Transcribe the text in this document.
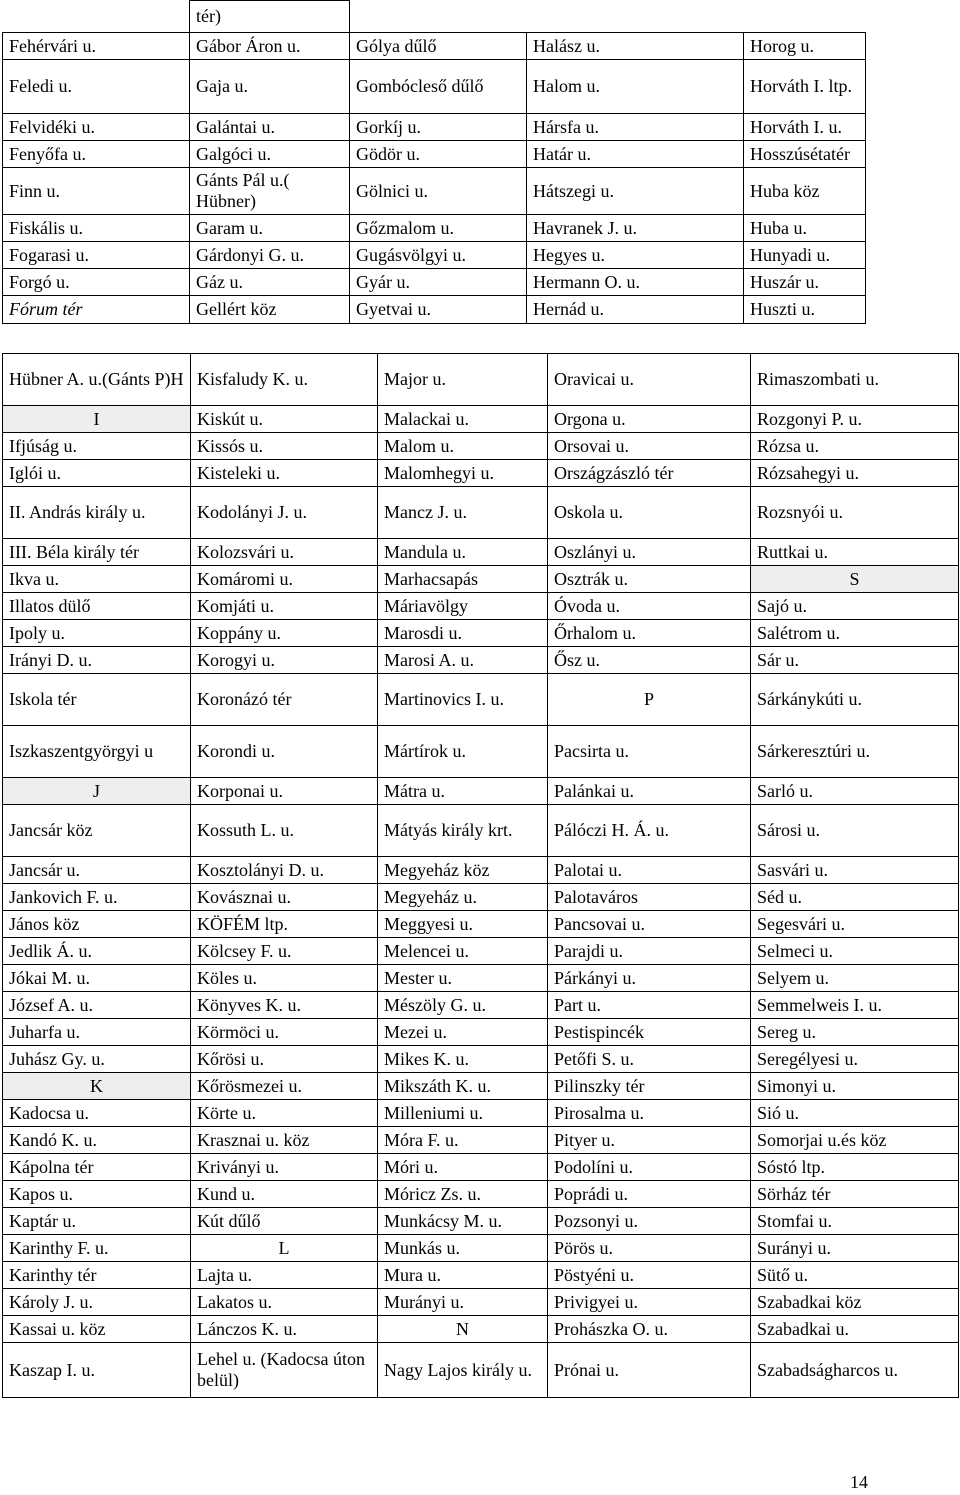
	tér)			
Fehérvári u.	Gábor Áron u.	Gólya dűlő	Halász u.	Horog u.
Feledi u.	Gaja u.	Gombócleső dűlő	Halom u.	Horváth I. ltp.
Felvidéki u.	Galántai u.	Gorkíj u.	Hársfa u.	Horváth I. u.
Fenyőfa u.	Galgóci u.	Gödör u.	Határ u.	Hosszúsétatér
Finn u.	Gánts Pál u.( Hübner)	Gölnici u.	Hátszegi u.	Huba köz
Fiskális u.	Garam u.	Gőzmalom u.	Havranek J. u.	Huba u.
Fogarasi u.	Gárdonyi G. u.	Gugásvölgyi u.	Hegyes u.	Hunyadi u.
Forgó u.	Gáz u.	Gyár u.	Hermann O. u.	Huszár u.
Fórum tér	Gellért köz	Gyetvai u.	Hernád u.	Huszti u.
Hübner A. u.(Gánts P)H	Kisfaludy K. u.	Major u.	Oravicai u.	Rimaszombati u.
I	Kiskút u.	Malackai u.	Orgona u.	Rozgonyi P. u.
Ifjúság u.	Kissós u.	Malom u.	Orsovai u.	Rózsa u.
Iglói u.	Kisteleki u.	Malomhegyi u.	Országzászló tér	Rózsahegyi u.
II. András király u.	Kodolányi J. u.	Mancz J. u.	Oskola u.	Rozsnyói u.
III. Béla király tér	Kolozsvári u.	Mandula u.	Oszlányi u.	Ruttkai u.
Ikva u.	Komáromi u.	Marhacsapás	Osztrák u.	S
Illatos dülő	Komjáti u.	Máriavölgy	Óvoda u.	Sajó u.
Ipoly u.	Koppány u.	Marosdi u.	Őrhalom u.	Salétrom u.
Irányi D. u.	Korogyi u.	Marosi A. u.	Ősz u.	Sár u.
Iskola tér	Koronázó tér	Martinovics I. u.	P	Sárkánykúti u.
Iszkaszentgyörgyi u	Korondi u.	Mártírok u.	Pacsirta u.	Sárkeresztúri u.
J	Korponai u.	Mátra u.	Palánkai u.	Sarló u.
Jancsár köz	Kossuth L. u.	Mátyás király krt.	Pálóczi H. Á. u.	Sárosi u.
Jancsár u.	Kosztolányi D. u.	Megyeház köz	Palotai u.	Sasvári u.
Jankovich F. u.	Kovásznai u.	Megyeház u.	Palotaváros	Séd u.
János köz	KÖFÉM ltp.	Meggyesi u.	Pancsovai u.	Segesvári u.
Jedlik Á. u.	Kölcsey F. u.	Melencei u.	Parajdi u.	Selmeci u.
Jókai M. u.	Köles u.	Mester u.	Párkányi u.	Selyem u.
József A. u.	Könyves K. u.	Mészöly G. u.	Part u.	Semmelweis I. u.
Juharfa u.	Körmöci u.	Mezei u.	Pestispincék	Sereg u.
Juhász Gy. u.	Kőrösi u.	Mikes K. u.	Petőfi S. u.	Seregélyesi u.
K	Kőrösmezei u.	Mikszáth K. u.	Pilinszky tér	Simonyi u.
Kadocsa u.	Körte u.	Milleniumi u.	Pirosalma u.	Sió u.
Kandó K. u.	Krasznai u. köz	Móra F. u.	Pityer u.	Somorjai u.és köz
Kápolna tér	Kriványi u.	Móri u.	Podolíni u.	Sóstó ltp.
Kapos u.	Kund u.	Móricz Zs. u.	Poprádi u.	Sörház tér
Kaptár u.	Kút dűlő	Munkácsy M. u.	Pozsonyi u.	Stomfai u.
Karinthy F. u.	L	Munkás u.	Pörös u.	Surányi u.
Karinthy tér	Lajta u.	Mura u.	Pöstyéni u.	Sütő u.
Károly J. u.	Lakatos u.	Murányi u.	Privigyei u.	Szabadkai köz
Kassai u. köz	Lánczos K. u.	N	Prohászka O. u.	Szabadkai u.
Kaszap I. u.	Lehel u. (Kadocsa úton belül)	Nagy Lajos király u.	Prónai u.	Szabadságharcos u.
14
